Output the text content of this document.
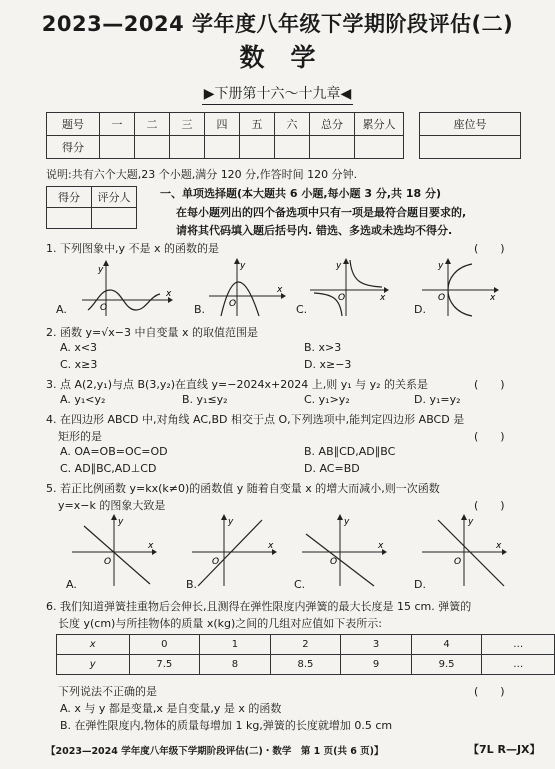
2023—2024 学年度八年级下学期阶段评估(二)
数学
▶下册第十六～十九章◀
题号	一	二	三	四	五	六	总分	累分人
得分								
座位号

说明:共有六个大题,23 个小题,满分 120 分,作答时间 120 分钟.
得分	评分人
		一、单项选择题(本大题共 6 小题,每小题 3 分,共 18 分)
在每小题列出的四个备选项中只有一项是最符合题目要求的,
请将其代码填入题后括号内. 错选、多选或未选均不得分.
1. 下列图象中,y 不是 x 的函数的是	(　　)
O
y
x
A.	O
y
x
B.
O
y
x
C.
O
y
x
D.
2. 函数 y=√x−3 中自变量 x 的取值范围是
A. x<3	B. x>3
C. x≥3	D. x≥−3
3. 点 A(2,y₁)与点 B(3,y₂)在直线 y=−2024x+2024 上,则 y₁ 与 y₂ 的关系是	(　　)
A. y₁<y₂	B. y₁≤y₂	C. y₁>y₂	D. y₁=y₂
4. 在四边形 ABCD 中,对角线 AC,BD 相交于点 O,下列选项中,能判定四边形 ABCD 是
矩形的是	(　　)
A. OA=OB=OC=OD	B. AB∥CD,AD∥BC
C. AD∥BC,AD⊥CD	D. AC=BD
5. 若正比例函数 y=kx(k≠0)的函数值 y 随着自变量 x 的增大而减小,则一次函数
y=x−k 的图象大致是	(　　)
O
y
x
A.
O
y
x
B.
O
y
x
C.
O
y
x
D.
6. 我们知道弹簧挂重物后会伸长,且测得在弹性限度内弹簧的最大长度是 15 cm. 弹簧的
长度 y(cm)与所挂物体的质量 x(kg)之间的几组对应值如下表所示:
x	0	1	2	3	4	…
y	7.5	8	8.5	9	9.5	…
下列说法不正确的是	(　　)
A. x 与 y 都是变量,x 是自变量,y 是 x 的函数
B. 在弹性限度内,物体的质量每增加 1 kg,弹簧的长度就增加 0.5 cm
【2023—2024 学年度八年级下学期阶段评估(二)・数学　第 1 页(共 6 页)】	【7L R—JX】
